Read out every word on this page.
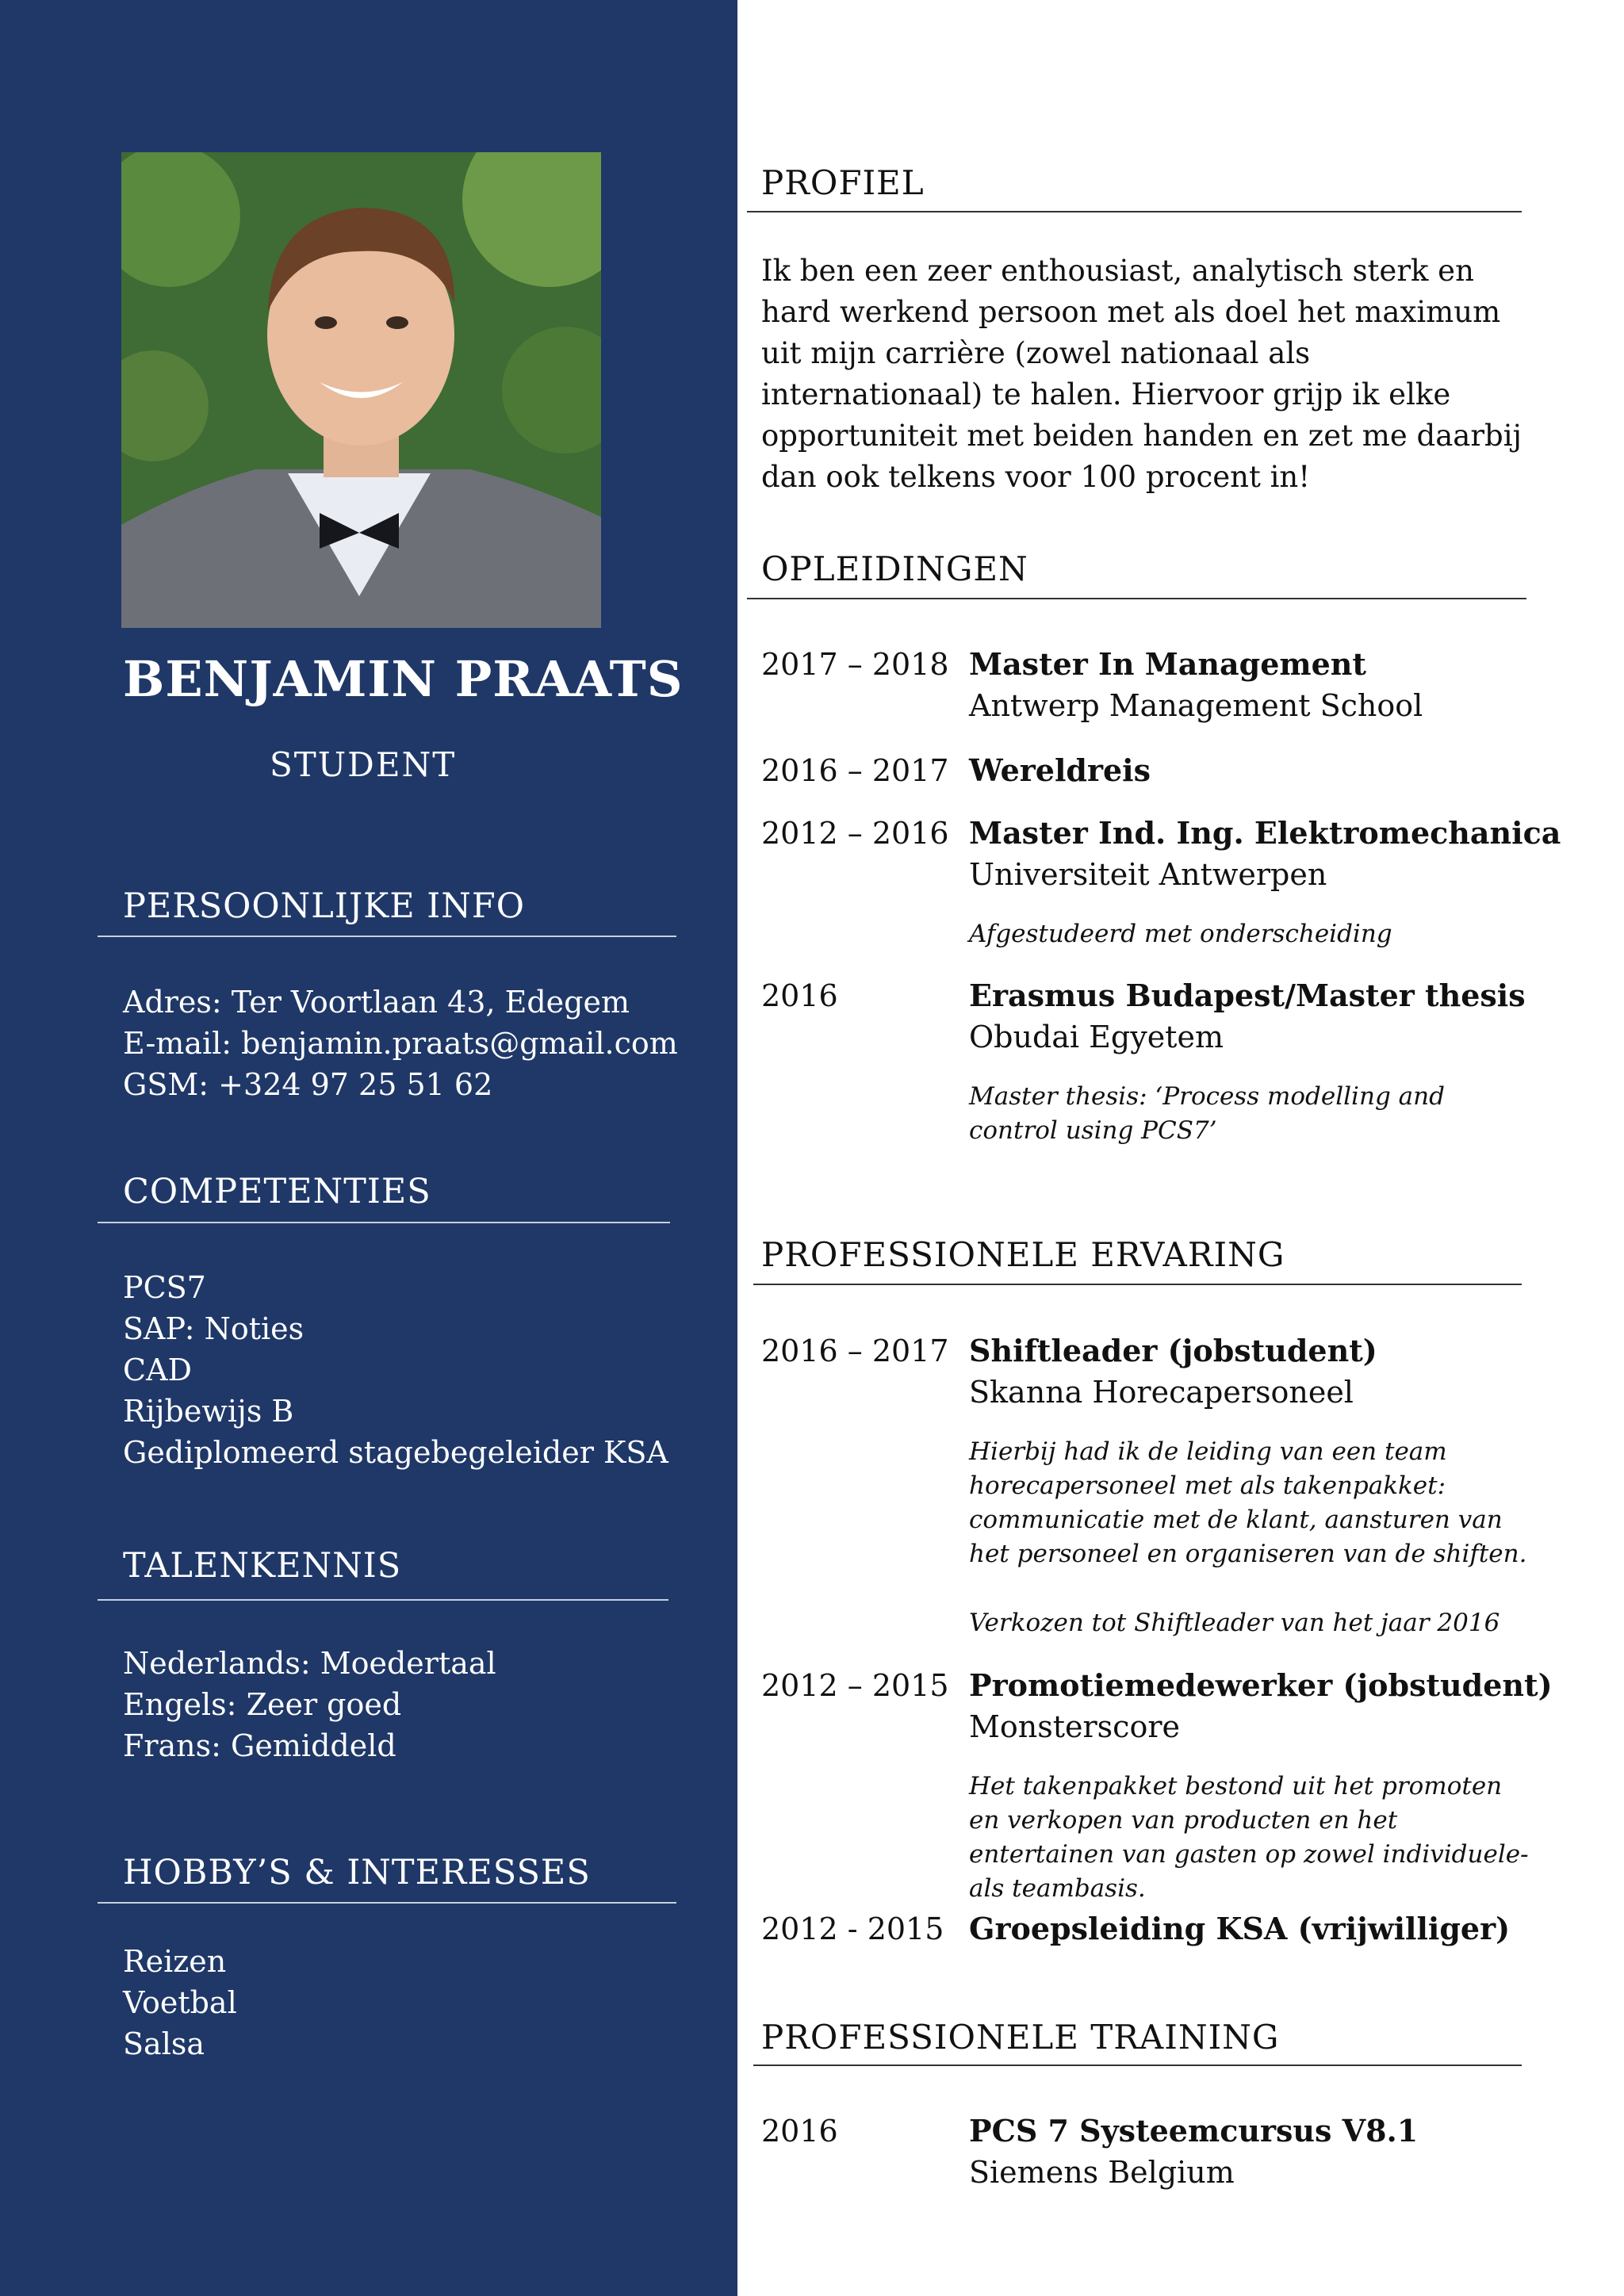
BENJAMIN PRAATS
STUDENT
PERSOONLIJKE INFO
Adres: Ter Voortlaan 43, Edegem
E-mail: benjamin.praats@gmail.com
GSM: +324 97 25 51 62
COMPETENTIES
PCS7
SAP: Noties
CAD
Rijbewijs B
Gediplomeerd stagebegeleider KSA
TALENKENNIS
Nederlands: Moedertaal
Engels: Zeer goed
Frans: Gemiddeld
HOBBY’S & INTERESSES
Reizen
Voetbal
Salsa
PROFIEL
Ik ben een zeer enthousiast, analytisch sterk en hard werkend persoon met als doel het maximum uit mijn carrière (zowel nationaal als internationaal) te halen. Hiervoor grijp ik elke opportuniteit met beiden handen en zet me daarbij dan ook telkens voor 100 procent in!
OPLEIDINGEN
2017 – 2018 Master In Management
Antwerp Management School
2016 – 2017 Wereldreis
2012 – 2016 Master Ind. Ing. Elektromechanica
Universiteit Antwerpen
Afgestudeerd met onderscheiding
2016	Erasmus Budapest/Master thesis
Obudai Egyetem
Master thesis: ‘Process modelling and control using PCS7’
PROFESSIONELE ERVARING
2016 – 2017 Shiftleader (jobstudent)
Skanna Horecapersoneel
Hierbij had ik de leiding van een team horecapersoneel met als takenpakket: communicatie met de klant, aansturen van het personeel en organiseren van de shiften.
Verkozen tot Shiftleader van het jaar 2016
2012 – 2015 Promotiemedewerker (jobstudent)
Monsterscore
Het takenpakket bestond uit het promoten en verkopen van producten en het entertainen van gasten op zowel individuele- als teambasis.
2012 - 2015 Groepsleiding KSA (vrijwilliger)
PROFESSIONELE TRAINING
2016	PCS 7 Systeemcursus V8.1
Siemens Belgium
